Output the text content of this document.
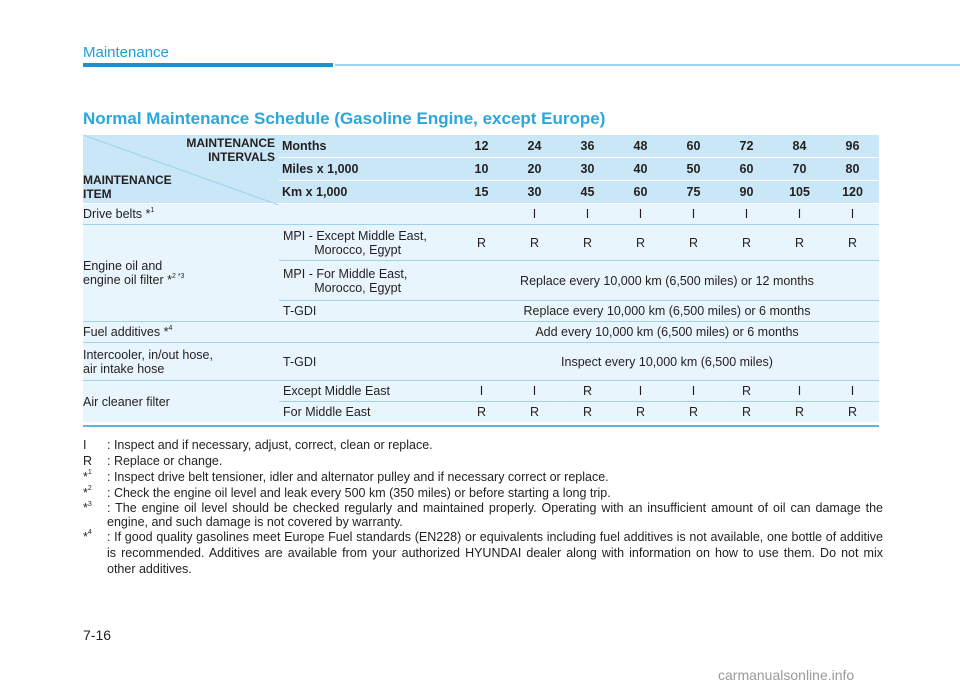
Maintenance
Normal Maintenance Schedule (Gasoline Engine, except Europe)
MAINTENANCE
INTERVALS
MAINTENANCE
ITEM	Months	12	24	36	48	60	72	84	96
	Miles x 1,000	10	20	30	40	50	60	70	80
	Km x 1,000	15	30	45	60	75	90	105	120
Drive belts *$^1$			I	I	I	I	I	I	I
Engine oil and
engine oil filter *$^{2 *3}$	MPI - Except Middle East,
Morocco, Egypt	R	R	R	R	R	R	R	R
	MPI - For Middle East,
Morocco, Egypt	Replace every 10,000 km (6,500 miles) or 12 months							
	T-GDI	Replace every 10,000 km (6,500 miles) or 6 months							
Fuel additives *$^4$		Add every 10,000 km (6,500 miles) or 6 months							
Intercooler, in/out hose,
air intake hose	T-GDI	Inspect every 10,000 km (6,500 miles)							
Air cleaner filter	Except Middle East	I	I	R	I	I	R	I	I
	For Middle East	R	R	R	R	R	R	R	R
I : Inspect and if necessary, adjust, correct, clean or replace.
R : Replace or change.
*$^1$ : Inspect drive belt tensioner, idler and alternator pulley and if necessary correct or replace.
*$^2$ : Check the engine oil level and leak every 500 km (350 miles) or before starting a long trip.
*$^3$ : The engine oil level should be checked regularly and maintained properly. Operating with an insufficient amount of oil can damage the engine, and such damage is not covered by warranty.
*$^4$ : If good quality gasolines meet Europe Fuel standards (EN228) or equivalents including fuel additives is not available, one bottle of additive is recommended. Additives are available from your authorized HYUNDAI dealer along with information on how to use them. Do not mix other additives.
7-16
carmanualsonline.info
